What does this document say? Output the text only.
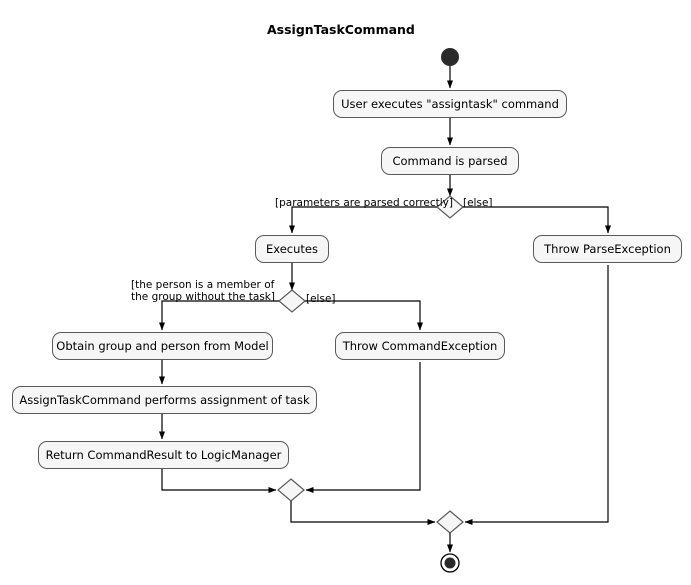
AssignTaskCommand
User executes "assigntask" command
Command is parsed
Executes	Throw ParseException
Obtain group and person from Model	Throw CommandException
AssignTaskCommand performs assignment of task
Return CommandResult to LogicManager
[parameters are parsed correctly] [else]
[the person is a member of
the group without the task]	[else]
